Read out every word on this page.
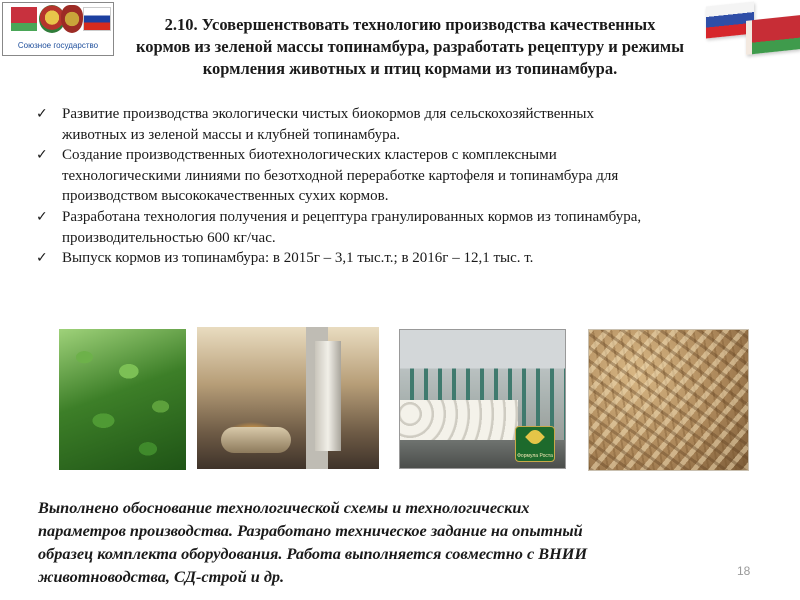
Союзное государство
2.10. Усовершенствовать технологию производства качественных
кормов из зеленой массы топинамбура, разработать рецептуру и режимы
кормления животных и птиц кормами из топинамбура.
✓ Развитие производства экологически чистых биокормов для сельскохозяйственных
животных из зеленой массы и клубней топинамбура.
✓ Создание производственных биотехнологических кластеров с комплексными
технологическими линиями по безотходной переработке картофеля и топинамбура для
производством высококачественных сухих кормов.
✓ Разработана технология получения и рецептура гранулированных кормов из топинамбура,
производительностью 600 кг/час.
✓ Выпуск кормов из топинамбура: в 2015г – 3,1 тыс.т.; в 2016г – 12,1 тыс. т.
Формула Роста
Выполнено обоснование технологической схемы и технологических
параметров производства. Разработано техническое задание на опытный
образец комплекта оборудования. Работа выполняется совместно с ВНИИ
животноводства, СД-строй и др.	18
